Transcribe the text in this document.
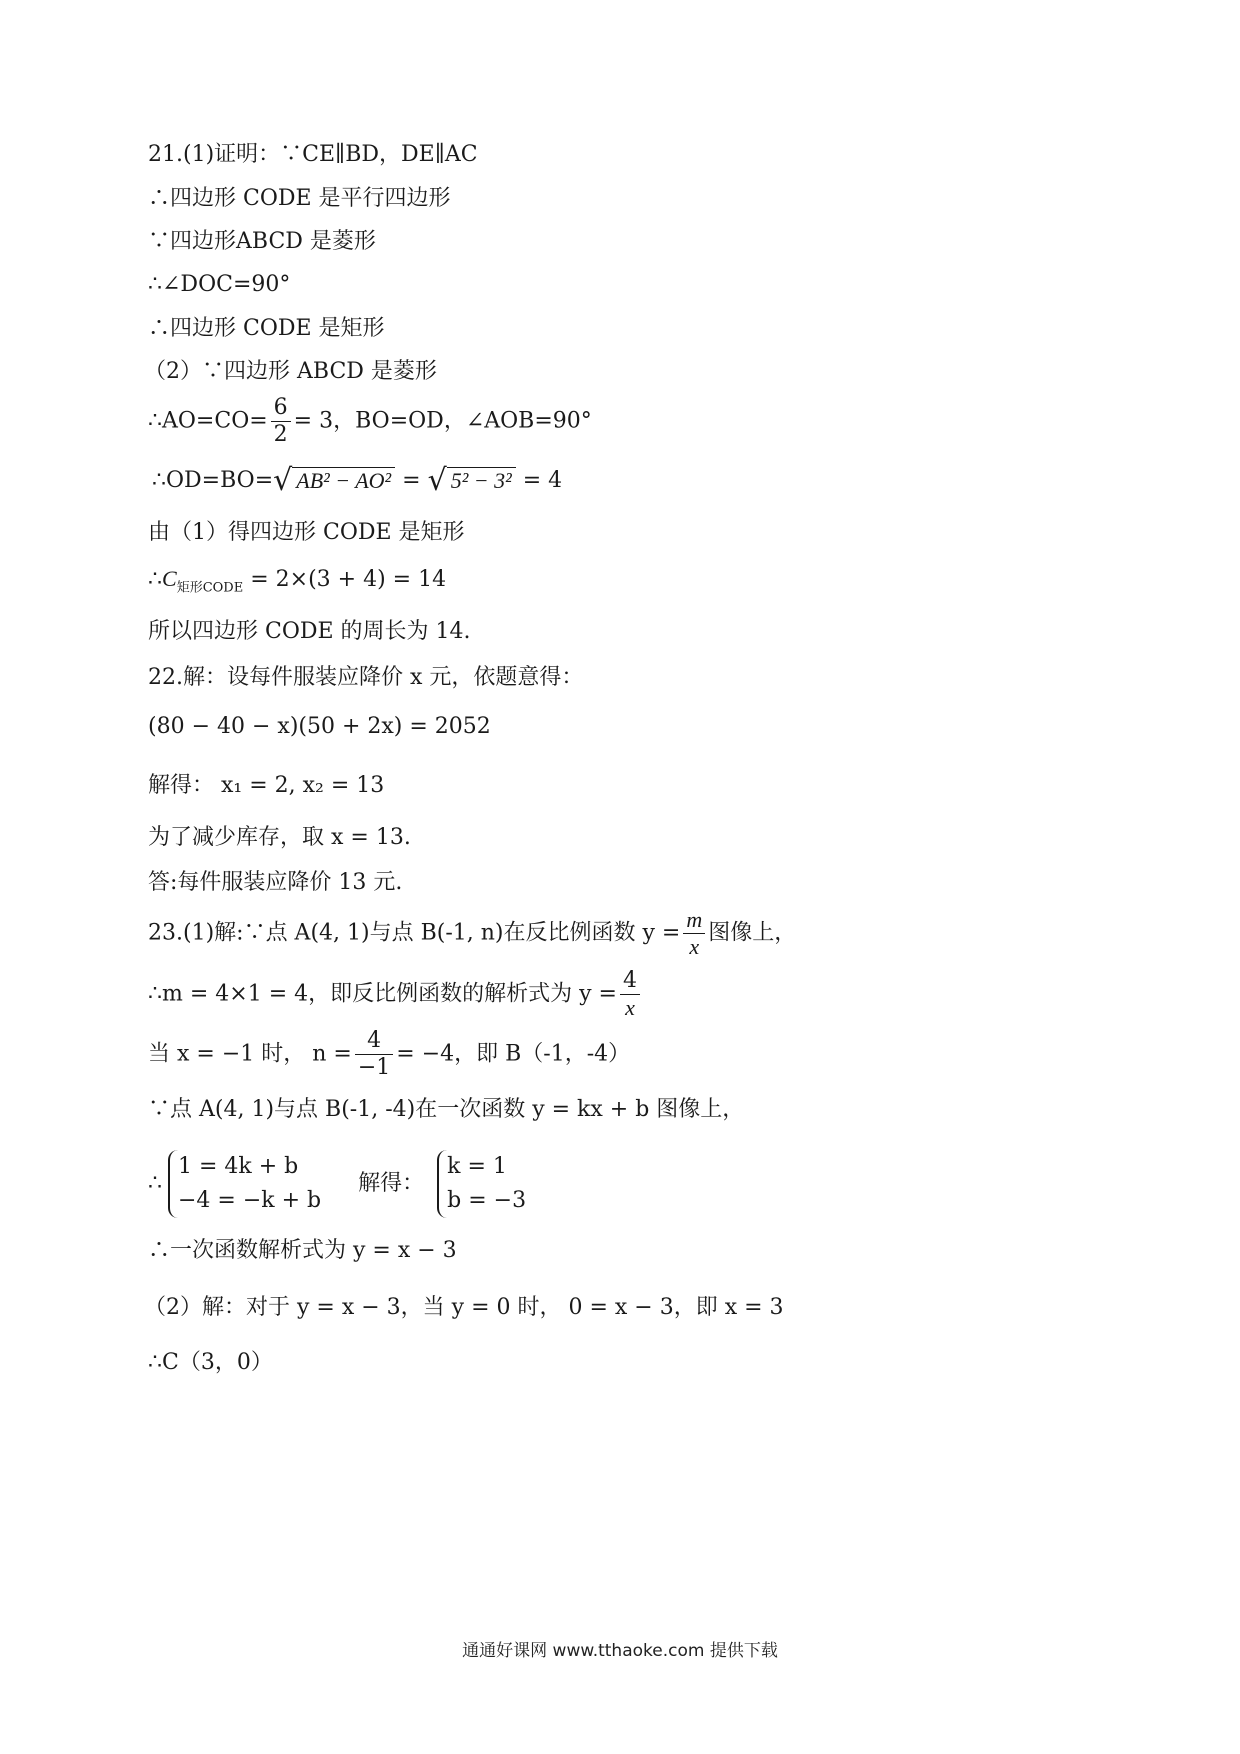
21.(1)证明：∵CE∥BD，DE∥AC
∴四边形 CODE 是平行四边形
∵四边形ABCD 是菱形
∴∠DOC=90°
∴四边形 CODE 是矩形
（2）∵四边形 ABCD 是菱形
∴AO=CO= $\frac{6}{2} = 3$，BO=OD，∠AOB=90°
∴OD=BO=√ AB² − AO² = √ 5² − 3² = 4
由（1）得四边形 CODE 是矩形
$\therefore C_{矩形CODE} = 2\times(3 + 4) = 14$
所以四边形 CODE 的周长为 14.
22.解：设每件服装应降价 x 元，依题意得：
(80 − 40 − x)(50 + 2x) = 2052
解得： x₁ = 2, x₂ = 13
为了减少库存，取 x = 13.
答:每件服装应降价 13 元.
23.(1)解:∵点 A(4, 1)与点 B(-1, n)在反比例函数 $y = \frac{m}{x}$ 图像上，
∴m = 4×1 = 4，即反比例函数的解析式为 $y = \frac{4}{x}$
当 x = −1 时， $n = \frac{4}{-1} = -4$，即 B（-1，-4）
∵点 A(4, 1)与点 B(-1, -4)在一次函数 y = kx + b 图像上，
∴
1 = 4k + b
−4 = −k + b
解得：
k = 1
b = −3
∴一次函数解析式为 y = x − 3
（2）解：对于 y = x − 3，当 y = 0 时， 0 = x − 3，即 x = 3
∴C（3，0）
通通好课网 www.tthaoke.com 提供下载
